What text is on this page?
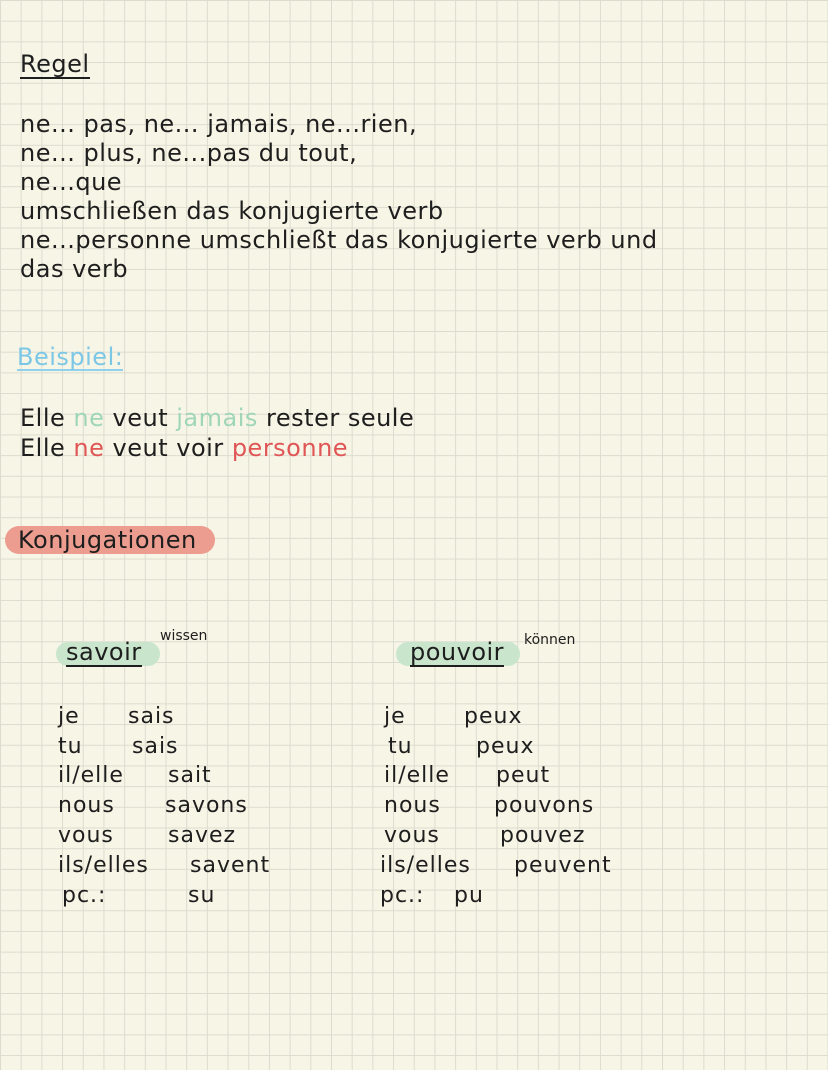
Regel
ne... pas, ne... jamais, ne...rien,
ne... plus, ne...pas du tout,
ne...que
umschließen das konjugierte verb
ne...personne umschließt das konjugierte verb und
das verb
Beispiel:
Elle ne veut jamais rester seule
Elle ne veut voir personne
Konjugationen
savoir
wissen
je sais
tu sais
il/elle sait
nous savons
vous savez
ils/elles savent
pc.:	su
pouvoir können
je	peux
tu	peux
il/elle peut
nous pouvons
vous	pouvez
ils/elles peuvent
pc.: pu
